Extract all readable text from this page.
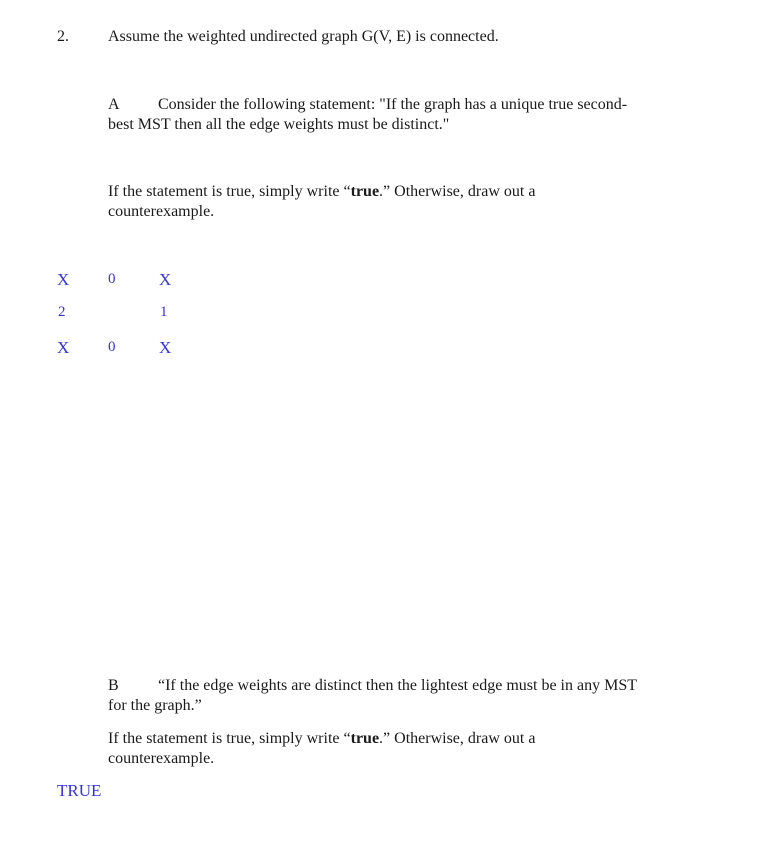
2. Assume the weighted undirected graph G(V, E) is connected.
A Consider the following statement: "If the graph has a unique true second-
best MST then all the edge weights must be distinct."
If the statement is true, simply write “true.” Otherwise, draw out a
counterexample.
X	0	X
2	1
X	0	X
B “If the edge weights are distinct then the lightest edge must be in any MST
for the graph.”
If the statement is true, simply write “true.” Otherwise, draw out a
counterexample.
TRUE
